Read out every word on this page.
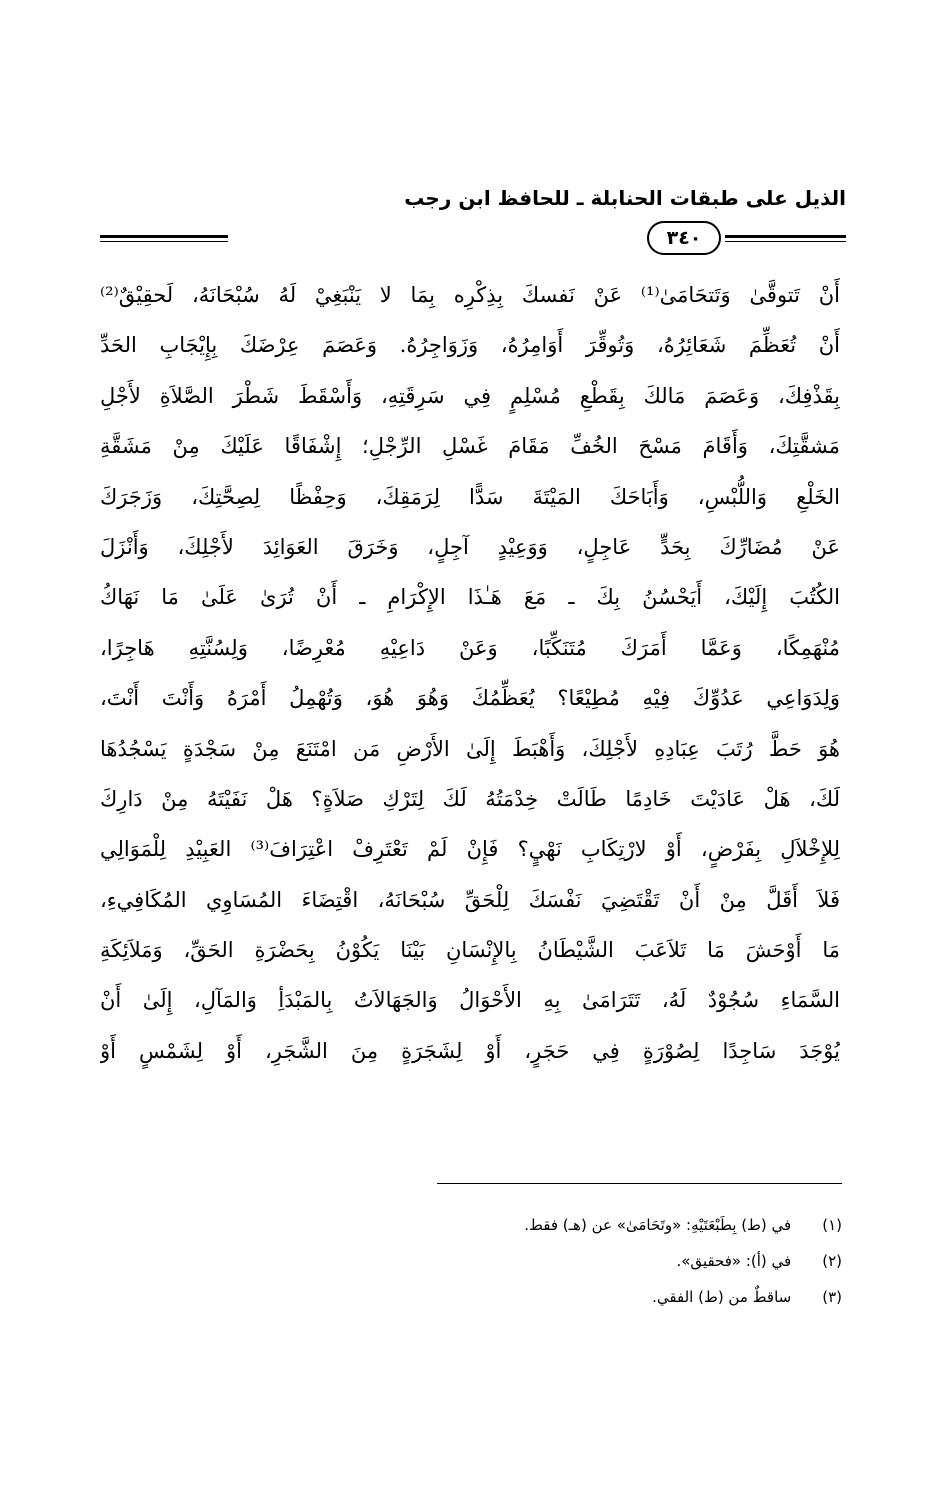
الذيل على طبقات الحنابلة ـ للحافظ ابن رجب
٣٤٠
أَنْ تَتوقَّىٰ وَتَتحَامَىٰ⁽¹⁾ عَنْ نَفسكَ بِذِكْرِه بِمَا لا يَنْبَغِيْ لَهُ سُبْحَانَهُ، لَحقِيْقٌ⁽²⁾
أَنْ تُعَظِّمَ شَعَائِرُهُ، وَتُوقِّرَ أَوَامِرُهُ، وَزَوَاجِرُهُ. وَعَصَمَ عِرْضَكَ بِإِيْجَابِ الحَدِّ
بِقَذْفِكَ، وَعَصَمَ مَالكَ بِقَطْعِ مُسْلِمٍ فِي سَرِقَتِهِ، وَأَسْقَطَ شَطْرَ الصَّلاَةِ لأَجْلِ
مَشقَّتِكَ، وَأَقَامَ مَسْحَ الخُفِّ مَقَامَ غَسْلِ الرِّجْلِ؛ إِشْفَاقًا عَلَيْكَ مِنْ مَشَقَّةِ
الخَلْعِ وَاللُّبْسِ، وَأَبَاحَكَ المَيْتَةَ سَدًّا لِرَمَقِكَ، وَحِفْظًا لِصِحَّتِكَ، وَزَجَرَكَ
عَنْ مُضَارِّكَ بِحَدٍّ عَاجِلٍ، وَوَعِيْدٍ آجِلٍ، وَخَرَقَ العَوَائِدَ لأَجْلِكَ، وَأَنْزَلَ
الكُتُبَ إِلَيْكَ، أَيَحْسُنُ بِكَ ـ مَعَ هَـٰذَا الإِكْرَامِ ـ أَنْ تُرَىٰ عَلَىٰ مَا نَهَاكُ
مُنْهَمِكًا، وَعَمَّا أَمَرَكَ مُتَنَكِّبًا، وَعَنْ دَاعِيْهِ مُعْرِضًا، وَلِسُنَّتِهِ هَاجِرًا،
وَلِدَوَاعِي عَدُوِّكَ فِيْهِ مُطِيْعًا؟ يُعَظِّمُكَ وَهُوَ هُوَ، وَتُهْمِلُ أَمْرَهُ وَأَنْتَ أَنْتَ،
هُوَ حَطَّ رُتَبَ عِبَادِهِ لأَجْلِكَ، وَأَهْبَطَ إِلَىٰ الأَرْضِ مَن امْتَنَعَ مِنْ سَجْدَةٍ يَسْجُدُهَا
لَكَ، هَلْ عَادَيْتَ خَادِمًا طَالَتْ خِدْمَتُهُ لَكَ لِتَرْكِ صَلاَةٍ؟ هَلْ نَفَيْتَهُ مِنْ دَارِكَ
لِلإِخْلاَلِ بِفَرْضٍ، أَوْ لارْتِكَابِ نَهْيٍ؟ فَإِنْ لَمْ تَعْتَرِفْ اعْتِرَافَ⁽³⁾ العَبِيْدِ لِلْمَوَالِي
فَلاَ أَقَلَّ مِنْ أَنْ تَقْتَضِيَ نَفْسَكَ لِلْحَقِّ سُبْحَانَهُ، اقْتِضَاءَ المُسَاوِي المُكَافِيءِ،
مَا أَوْحَشَ مَا تَلاَعَبَ الشَّيْطَانُ بِالإِنْسَانِ بَيْنَا يَكُوْنُ بِحَضْرَةِ الحَقِّ، وَمَلاَئِكَةِ
السَّمَاءِ سُجُوْدٌ لَهُ، تَتَرَامَىٰ بِهِ الأَحْوَالُ وَالجَهَالاَتُ بِالمَبْدَأِ وَالمَآلِ، إِلَىٰ أَنْ
يُوْجَدَ سَاجِدًا لِصُوْرَةٍ فِي حَجَرٍ، أَوْ لِشَجَرَةٍ مِنَ الشَّجَرِ، أَوْ لِشَمْسٍ أَوْ
(١) في (ط) بِطَبْعَتَيْهِ: «وتَحَامَىٰ» عن (هـ) فقط.
(٢) في (أ): «فحقيق».
(٣) ساقطٌ من (ط) الفقي.
